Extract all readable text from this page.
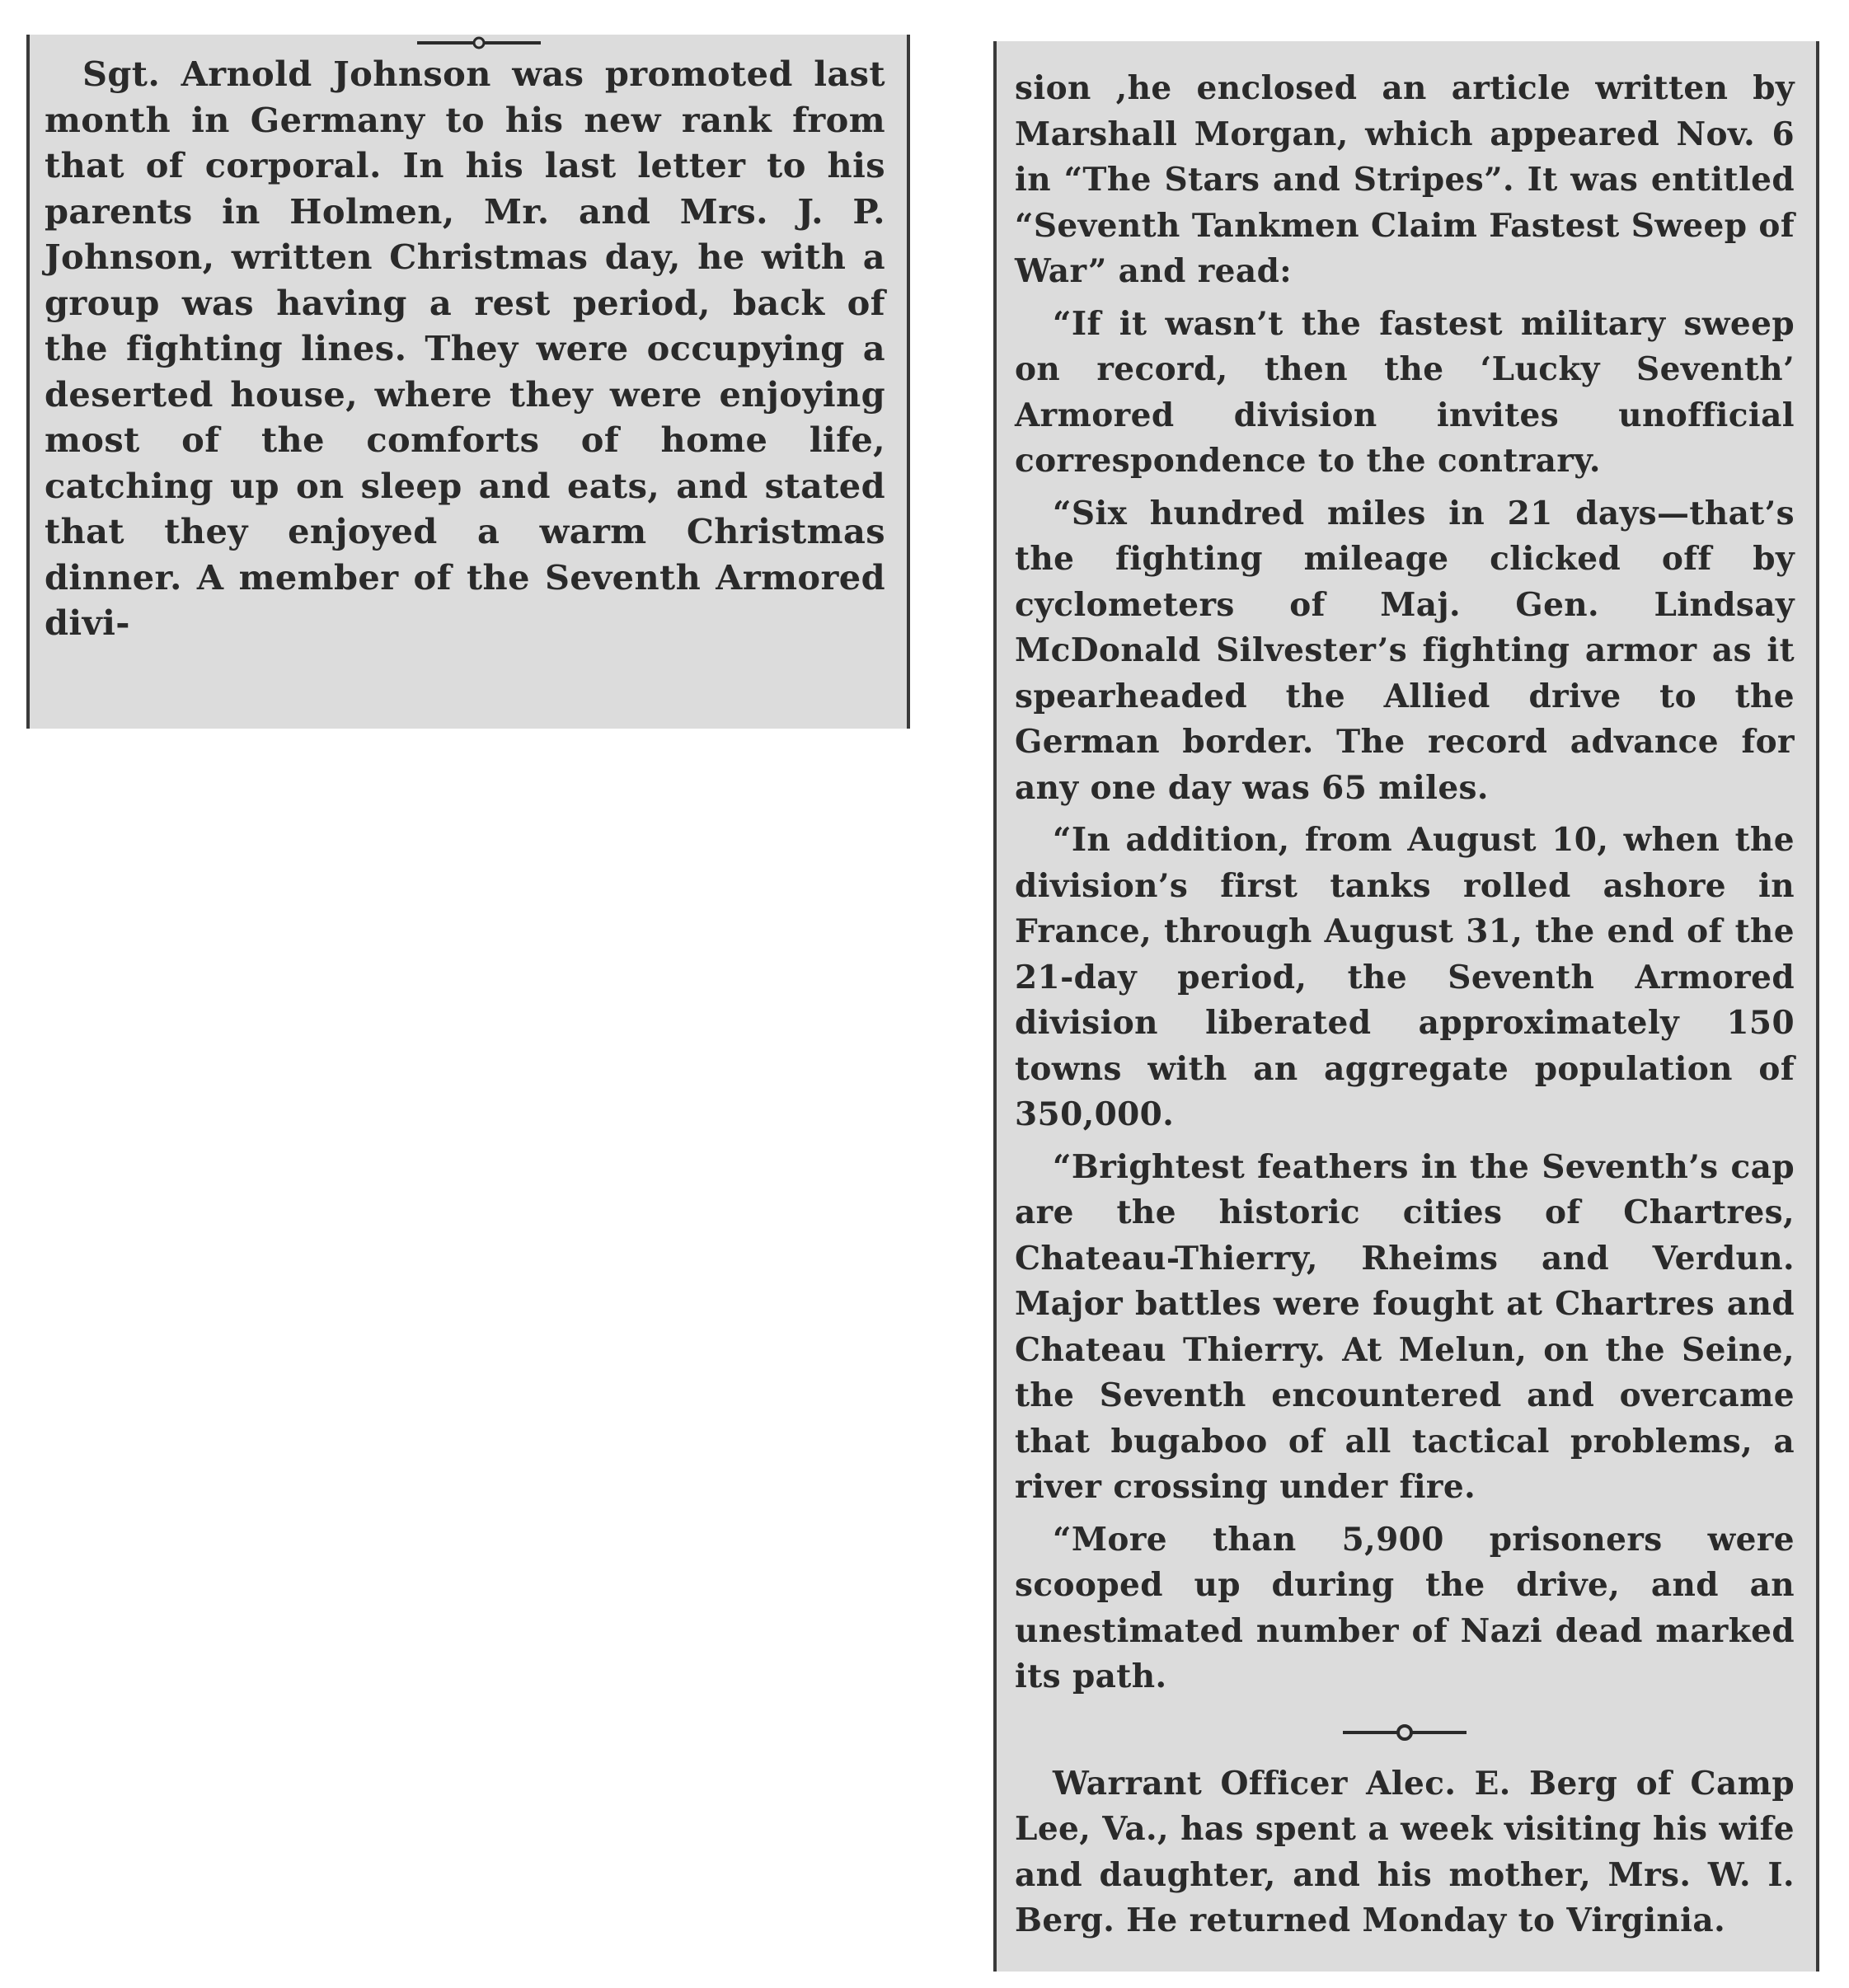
Sgt. Arnold Johnson was promoted last month in Germany to his new rank from that of corporal. In his last letter to his parents in Holmen, Mr. and Mrs. J. P. Johnson, written Christmas day, he with a group was having a rest period, back of the fighting lines. They were occupying a deserted house, where they were enjoying most of the comforts of home life, catching up on sleep and eats, and stated that they enjoyed a warm Christmas dinner. A member of the Seventh Armored divi-

sion ,he enclosed an article written by Marshall Morgan, which appeared Nov. 6 in “The Stars and Stripes”. It was entitled “Seventh Tankmen Claim Fastest Sweep of War” and read:

“If it wasn’t the fastest military sweep on record, then the ‘Lucky Seventh’ Armored division invites unofficial correspondence to the contrary.

“Six hundred miles in 21 days—that’s the fighting mileage clicked off by cyclometers of Maj. Gen. Lindsay McDonald Silvester’s fighting armor as it spearheaded the Allied drive to the German border. The record advance for any one day was 65 miles.

“In addition, from August 10, when the division’s first tanks rolled ashore in France, through August 31, the end of the 21-day period, the Seventh Armored division liberated approximately 150 towns with an aggregate population of 350,000.

“Brightest feathers in the Seventh’s cap are the historic cities of Chartres, Chateau-Thierry, Rheims and Verdun. Major battles were fought at Chartres and Chateau Thierry. At Melun, on the Seine, the Seventh encountered and overcame that bugaboo of all tactical problems, a river crossing under fire.

“More than 5,900 prisoners were scooped up during the drive, and an unestimated number of Nazi dead marked its path.

Warrant Officer Alec. E. Berg of Camp Lee, Va., has spent a week visiting his wife and daughter, and his mother, Mrs. W. I. Berg. He returned Monday to Virginia.
